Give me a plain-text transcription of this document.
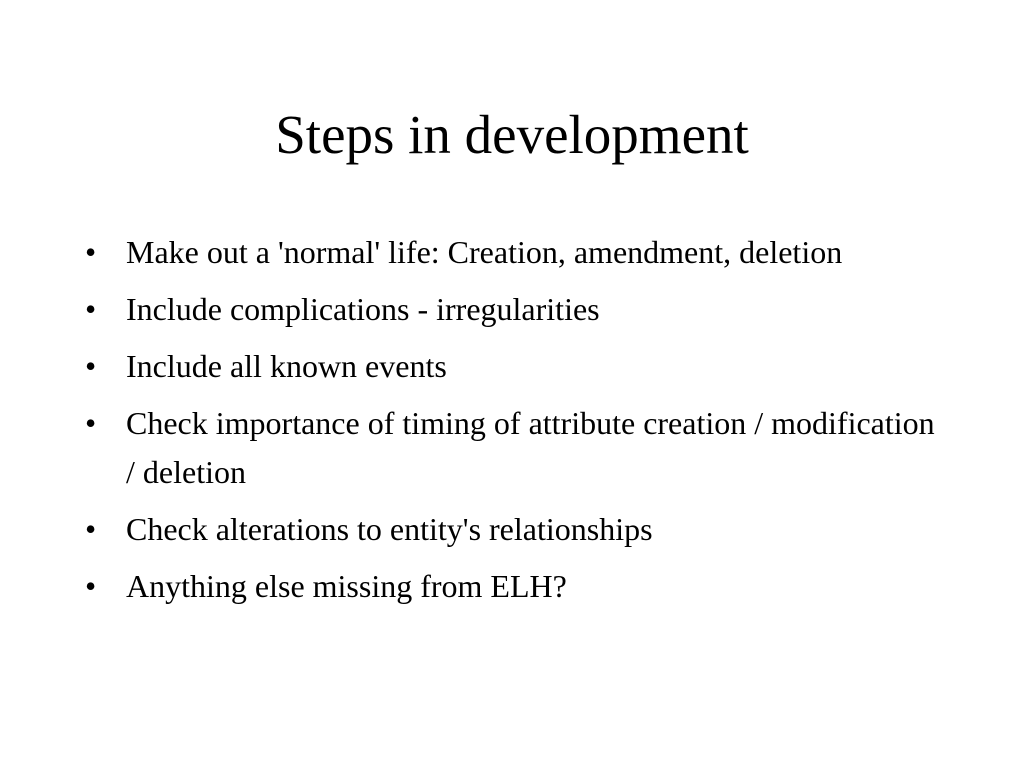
Steps in development
• Make out a 'normal' life: Creation, amendment, deletion
• Include complications - irregularities
• Include all known events
• Check importance of timing of attribute creation / modification / deletion
• Check alterations to entity's relationships
• Anything else missing from ELH?
